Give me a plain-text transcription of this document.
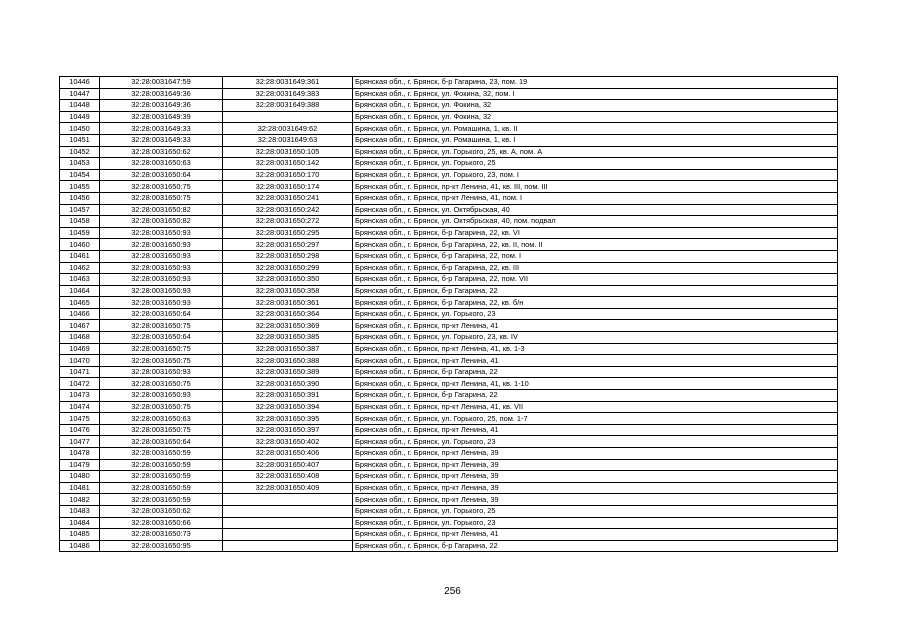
10446	32:28:0031647:59	32:28:0031649:361	Брянская обл., г. Брянск, б-р Гагарина, 23, пом. 19
10447	32:28:0031649:36	32:28:0031649:383	Брянская обл., г. Брянск, ул. Фокина, 32, пом. I
10448	32:28:0031649:36	32:28:0031649:388	Брянская обл., г. Брянск, ул. Фокина, 32
10449	32:28:0031649:39		Брянская обл., г. Брянск, ул. Фокина, 32
10450	32:28:0031649:33	32:28:0031649:62	Брянская обл., г. Брянск, ул. Ромашина, 1, кв. II
10451	32:28:0031649:33	32:28:0031649:63	Брянская обл., г. Брянск, ул. Ромашина, 1, кв. I
10452	32:28:0031650:62	32:28:0031650:105	Брянская обл., г. Брянск, ул. Горького, 25, кв. А, пом. А
10453	32:28:0031650:63	32:28:0031650:142	Брянская обл., г. Брянск, ул. Горького, 25
10454	32:28:0031650:64	32:28:0031650:170	Брянская обл., г. Брянск, ул. Горького, 23, пом. I
10455	32:28:0031650:75	32:28:0031650:174	Брянская обл., г. Брянск, пр-кт Ленина, 41, кв. III, пом. III
10456	32:28:0031650:75	32:28:0031650:241	Брянская обл., г. Брянск, пр-кт Ленина, 41, пом. I
10457	32:28:0031650:82	32:28:0031650:242	Брянская обл., г. Брянск, ул. Октябрьская, 40
10458	32:28:0031650:82	32:28:0031650:272	Брянская обл., г. Брянск, ул. Октябрьская, 40, пом. подвал
10459	32:28:0031650:93	32:28:0031650:295	Брянская обл., г. Брянск, б-р Гагарина, 22, кв. VI
10460	32:28:0031650:93	32:28:0031650:297	Брянская обл., г. Брянск, б-р Гагарина, 22, кв. II, пом. II
10461	32:28:0031650:93	32:28:0031650:298	Брянская обл., г. Брянск, б-р Гагарина, 22, пом. I
10462	32:28:0031650:93	32:28:0031650:299	Брянская обл., г. Брянск, б-р Гагарина, 22, кв. III
10463	32:28:0031650:93	32:28:0031650:350	Брянская обл., г. Брянск, б-р Гагарина, 22, пом. VII
10464	32:28:0031650:93	32:28:0031650:358	Брянская обл., г. Брянск, б-р Гагарина, 22
10465	32:28:0031650:93	32:28:0031650:361	Брянская обл., г. Брянск, б-р Гагарина, 22, кв. б/н
10466	32:28:0031650:64	32:28:0031650:364	Брянская обл., г. Брянск, ул. Горького, 23
10467	32:28:0031650:75	32:28:0031650:369	Брянская обл., г. Брянск, пр-кт Ленина, 41
10468	32:28:0031650:64	32:28:0031650:385	Брянская обл., г. Брянск, ул. Горького, 23, кв. IV
10469	32:28:0031650:75	32:28:0031650:387	Брянская обл., г. Брянск, пр-кт Ленина, 41, кв. 1-3
10470	32:28:0031650:75	32:28:0031650:388	Брянская обл., г. Брянск, пр-кт Ленина, 41
10471	32:28:0031650:93	32:28:0031650:389	Брянская обл., г. Брянск, б-р Гагарина, 22
10472	32:28:0031650:75	32:28:0031650:390	Брянская обл., г. Брянск, пр-кт Ленина, 41, кв. 1-10
10473	32:28:0031650:93	32:28:0031650:391	Брянская обл., г. Брянск, б-р Гагарина, 22
10474	32:28:0031650:75	32:28:0031650:394	Брянская обл., г. Брянск, пр-кт Ленина, 41, кв. VII
10475	32:28:0031650:63	32:28:0031650:395	Брянская обл., г. Брянск, ул. Горького, 25, пом. 1-7
10476	32:28:0031650:75	32:28:0031650:397	Брянская обл., г. Брянск, пр-кт Ленина, 41
10477	32:28:0031650:64	32:28:0031650:402	Брянская обл., г. Брянск, ул. Горького, 23
10478	32:28:0031650:59	32:28:0031650:406	Брянская обл., г. Брянск, пр-кт Ленина, 39
10479	32:28:0031650:59	32:28:0031650:407	Брянская обл., г. Брянск, пр-кт Ленина, 39
10480	32:28:0031650:59	32:28:0031650:408	Брянская обл., г. Брянск, пр-кт Ленина, 39
10481	32:28:0031650:59	32:28:0031650:409	Брянская обл., г. Брянск, пр-кт Ленина, 39
10482	32:28:0031650:59		Брянская обл., г. Брянск, пр-кт Ленина, 39
10483	32:28:0031650:62		Брянская обл., г. Брянск, ул. Горького, 25
10484	32:28:0031650:66		Брянская обл., г. Брянск, ул. Горького, 23
10485	32:28:0031650:73		Брянская обл., г. Брянск, пр-кт Ленина, 41
10486	32:28:0031650:95		Брянская обл., г. Брянск, б-р Гагарина, 22
256
